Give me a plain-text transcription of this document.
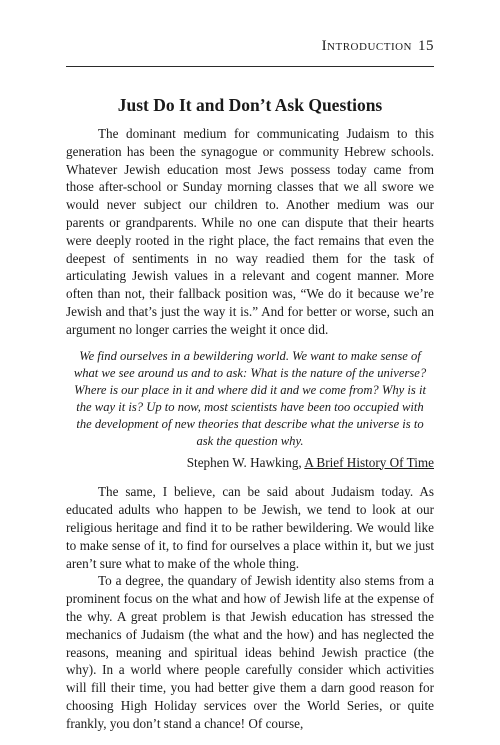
Introduction 15
Just Do It and Don’t Ask Questions

The dominant medium for communicating Judaism to this generation has been the synagogue or community Hebrew schools. Whatever Jewish education most Jews possess today came from those after-school or Sunday morning classes that we all swore we would never subject our children to. Another medium was our parents or grandparents. While no one can dispute that their hearts were deeply rooted in the right place, the fact remains that even the deepest of sentiments in no way readied them for the task of articulating Jewish values in a relevant and cogent manner. More often than not, their fallback position was, “We do it because we’re Jewish and that’s just the way it is.” And for better or worse, such an argument no longer carries the weight it once did.

We find ourselves in a bewildering world. We want to make sense of what we see around us and to ask: What is the nature of the universe? Where is our place in it and where did it and we come from? Why is it the way it is? Up to now, most scientists have been too occupied with the development of new theories that describe what the universe is to ask the question why.
Stephen W. Hawking, A Brief History Of Time

The same, I believe, can be said about Judaism today. As educated adults who happen to be Jewish, we tend to look at our religious heritage and find it to be rather bewildering. We would like to make sense of it, to find for ourselves a place within it, but we just aren’t sure what to make of the whole thing.

To a degree, the quandary of Jewish identity also stems from a prominent focus on the what and how of Jewish life at the expense of the why. A great problem is that Jewish education has stressed the mechanics of Judaism (the what and the how) and has neglected the reasons, meaning and spiritual ideas behind Jewish practice (the why). In a world where people carefully consider which activities will fill their time, you had better give them a darn good reason for choosing High Holiday services over the World Series, or quite frankly, you don’t stand a chance! Of course,
